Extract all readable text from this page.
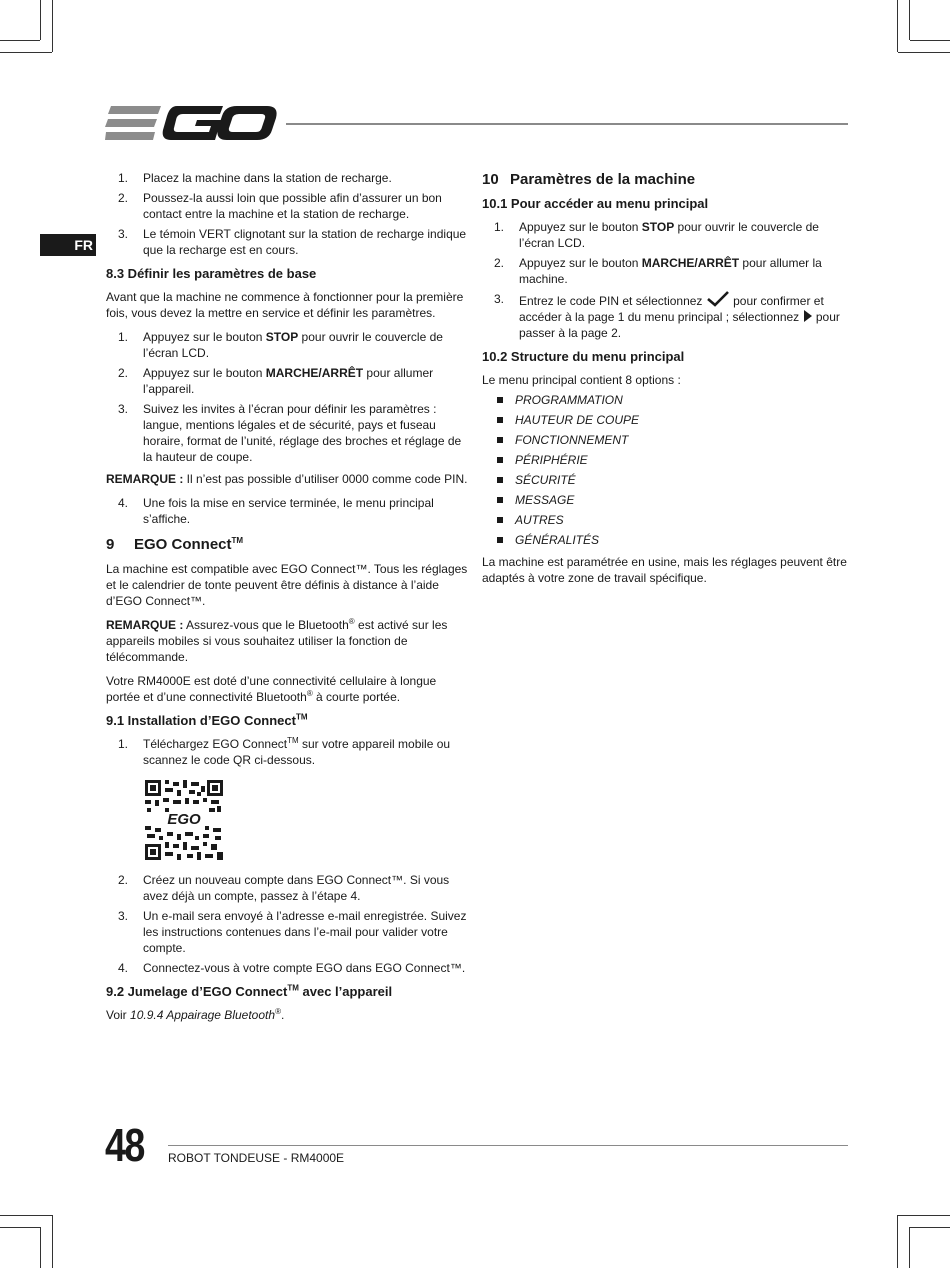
FR
1. Placez la machine dans la station de recharge.
2. Poussez-la aussi loin que possible afin d’assurer un bon contact entre la machine et la station de recharge.
3. Le témoin VERT clignotant sur la station de recharge indique que la recharge est en cours.
8.3 Définir les paramètres de base

Avant que la machine ne commence à fonctionner pour la première fois, vous devez la mettre en service et définir les paramètres.

1. Appuyez sur le bouton STOP pour ouvrir le couvercle de l’écran LCD.
2. Appuyez sur le bouton MARCHE/ARRÊT pour allumer l’appareil.
3. Suivez les invites à l’écran pour définir les paramètres : langue, mentions légales et de sécurité, pays et fuseau horaire, format de l’unité, réglage des broches et réglage de la hauteur de coupe.

REMARQUE : Il n’est pas possible d’utiliser 0000 comme code PIN.

4. Une fois la mise en service terminée, le menu principal s’affiche.
9 EGO Connect™

La machine est compatible avec EGO Connect™. Tous les réglages et le calendrier de tonte peuvent être définis à distance à l’aide d’EGO Connect™.

REMARQUE : Assurez-vous que le Bluetooth® est activé sur les appareils mobiles si vous souhaitez utiliser la fonction de télécommande.

Votre RM4000E est doté d’une connectivité cellulaire à longue portée et d’une connectivité Bluetooth® à courte portée.

9.1 Installation d’EGO Connect™
1. Téléchargez EGO Connect™ sur votre appareil mobile ou scannez le code QR ci-dessous.
EGO
2. Créez un nouveau compte dans EGO Connect™. Si vous avez déjà un compte, passez à l’étape 4.
3. Un e-mail sera envoyé à l’adresse e-mail enregistrée. Suivez les instructions contenues dans l’e-mail pour valider votre compte.
4. Connectez-vous à votre compte EGO dans EGO Connect™.
9.2 Jumelage d’EGO Connect™ avec l’appareil

Voir 10.9.4 Appairage Bluetooth®.

10 Paramètres de la machine
10.1 Pour accéder au menu principal
1. Appuyez sur le bouton STOP pour ouvrir le couvercle de l’écran LCD.
2. Appuyez sur le bouton MARCHE/ARRÊT pour allumer la machine.
3. Entrez le code PIN et sélectionnez  pour confirmer et accéder à la page 1 du menu principal ; sélectionnez  pour passer à la page 2.
10.2 Structure du menu principal

Le menu principal contient 8 options :

PROGRAMMATION
HAUTEUR DE COUPE
FONCTIONNEMENT
PÉRIPHÉRIE
SÉCURITÉ
MESSAGE
AUTRES
GÉNÉRALITÉS

La machine est paramétrée en usine, mais les réglages peuvent être adaptés à votre zone de travail spécifique.

48 ROBOT TONDEUSE - RM4000E
